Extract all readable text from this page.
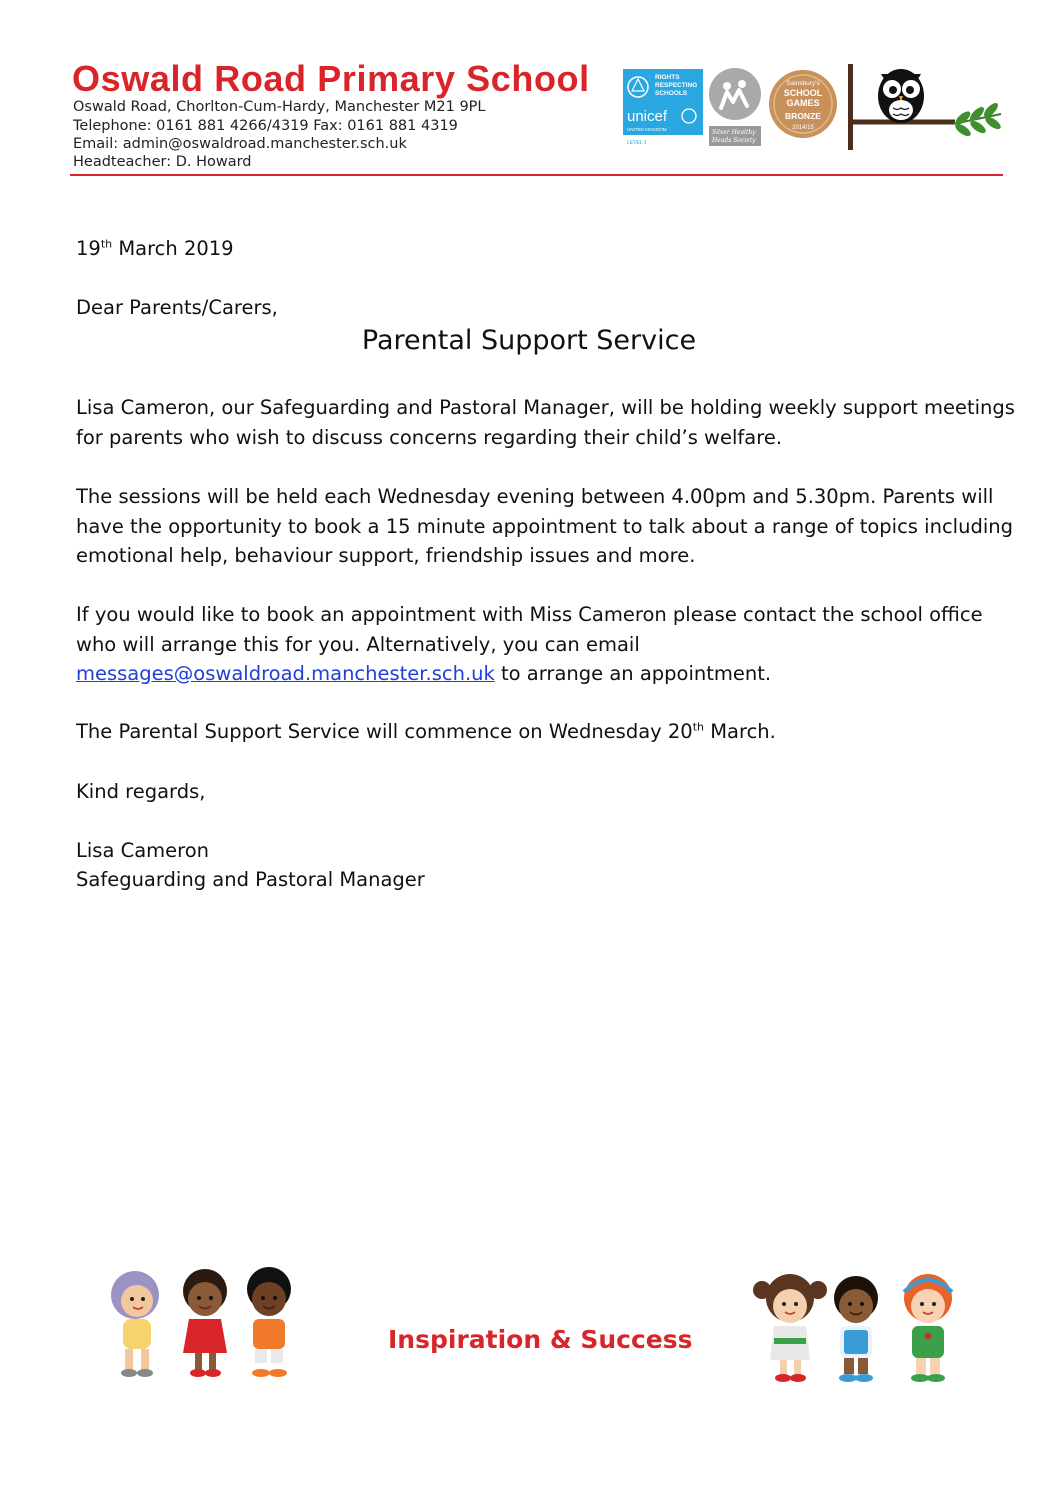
Oswald Road Primary School
Oswald Road, Chorlton-Cum-Hardy, Manchester M21 9PL
Telephone: 0161 881 4266/4319 Fax: 0161 881 4319
Email: admin@oswaldroad.manchester.sch.uk
Headteacher: D. Howard
RIGHTS
RESPECTING
SCHOOLS
unicef
UNITED KINGDOM
LEVEL 1
Silver Healthy
Heads Society
Sainsbury's
SCHOOL
GAMES
BRONZE
2014/15
19th March 2019
Dear Parents/Carers,
Parental Support Service
Lisa Cameron, our Safeguarding and Pastoral Manager, will be holding weekly support meetings
for parents who wish to discuss concerns regarding their child’s welfare.
The sessions will be held each Wednesday evening between 4.00pm and 5.30pm. Parents will
have the opportunity to book a 15 minute appointment to talk about a range of topics including
emotional help, behaviour support, friendship issues and more.
If you would like to book an appointment with Miss Cameron please contact the school office
who will arrange this for you. Alternatively, you can email
messages@oswaldroad.manchester.sch.uk to arrange an appointment.
The Parental Support Service will commence on Wednesday 20th March.
Kind regards,
Lisa Cameron
Safeguarding and Pastoral Manager
Inspiration & Success
